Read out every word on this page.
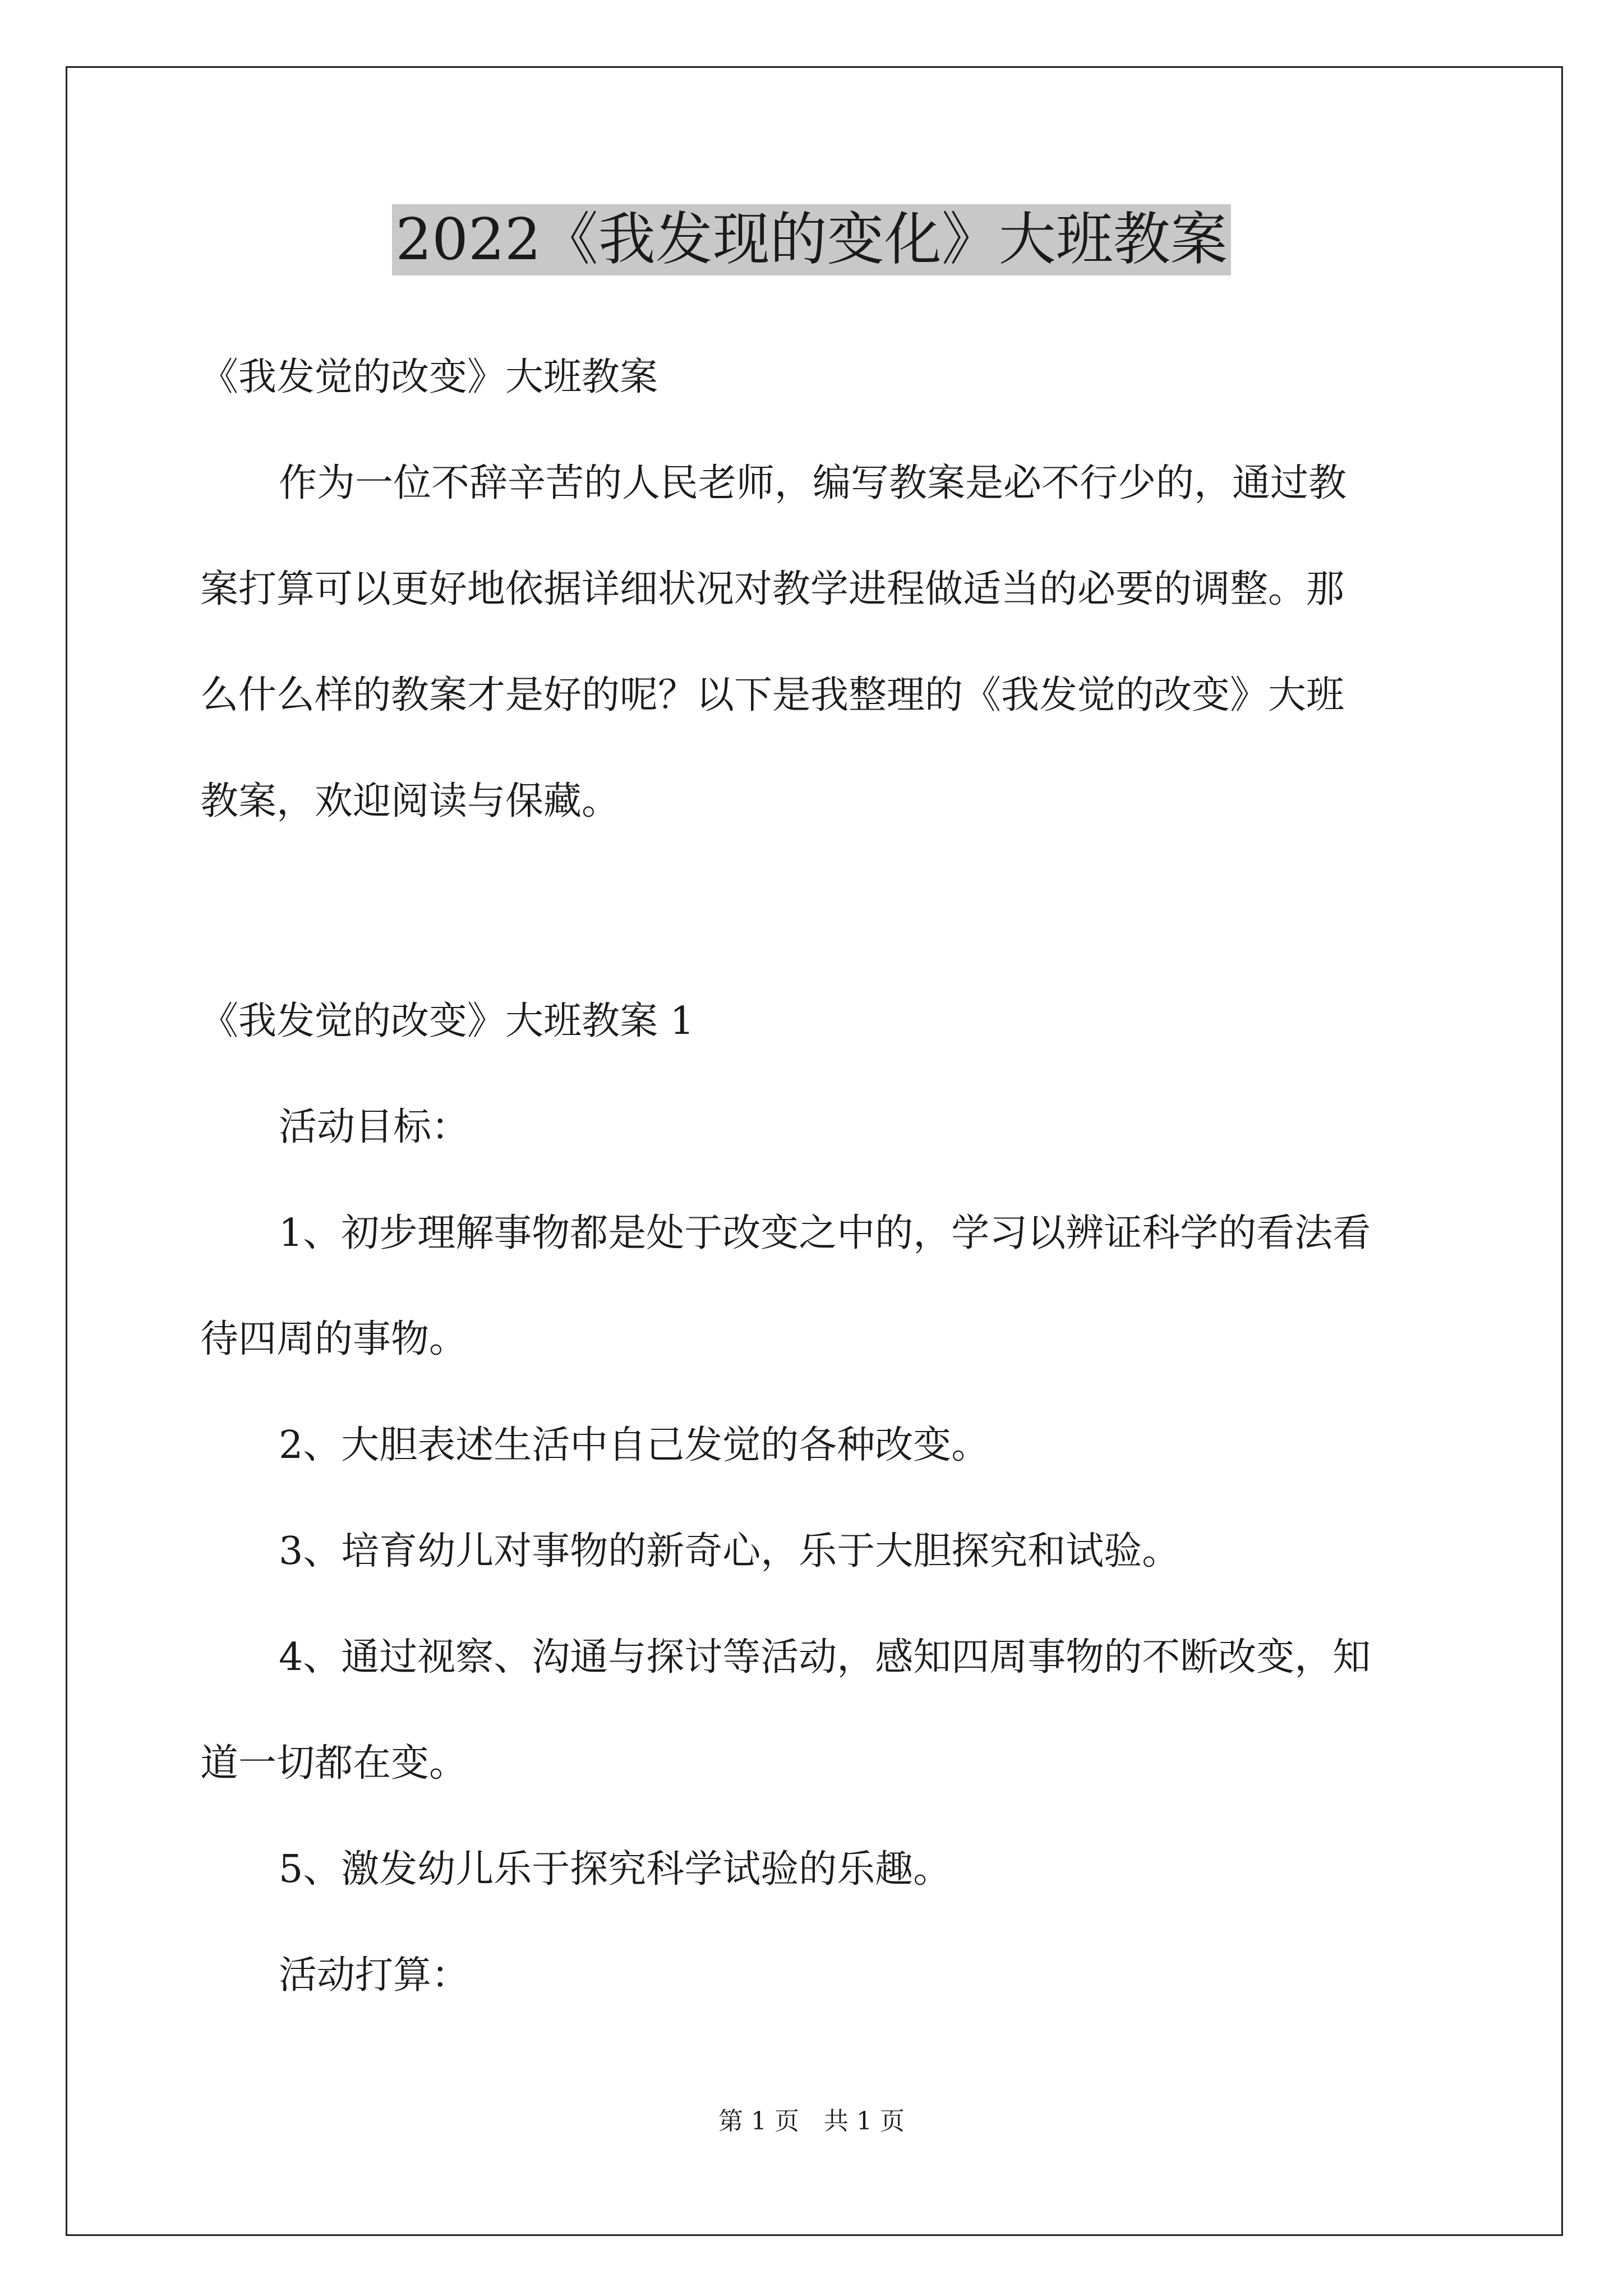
2022《我发现的变化》大班教案
《我发觉的改变》大班教案
作为一位不辞辛苦的人民老师，编写教案是必不行少的，通过教
案打算可以更好地依据详细状况对教学进程做适当的必要的调整。那
么什么样的教案才是好的呢？以下是我整理的《我发觉的改变》大班
教案，欢迎阅读与保藏。
《我发觉的改变》大班教案 1
活动目标：
1、初步理解事物都是处于改变之中的，学习以辨证科学的看法看
待四周的事物。
2、大胆表述生活中自己发觉的各种改变。
3、培育幼儿对事物的新奇心，乐于大胆探究和试验。
4、通过视察、沟通与探讨等活动，感知四周事物的不断改变，知
道一切都在变。
5、激发幼儿乐于探究科学试验的乐趣。
活动打算：
第 1 页　共 1 页
